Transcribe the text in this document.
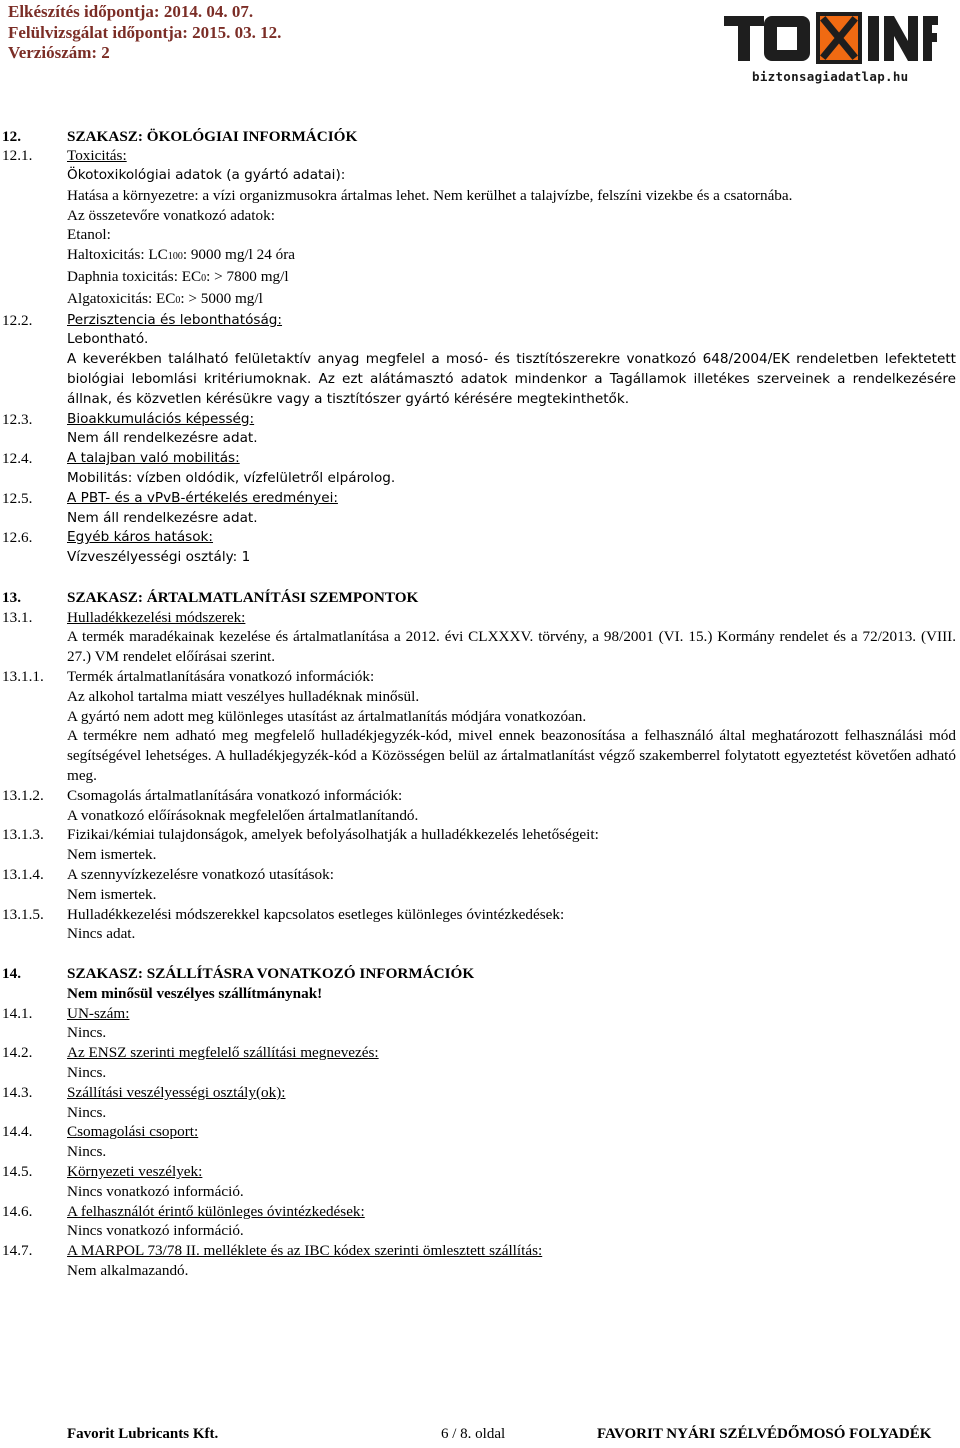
Elkészítés időpontja: 2014. 04. 07.
Felülvizsgálat időpontja: 2015. 03. 12.
Verziószám: 2
biztonsagiadatlap.hu
12.	SZAKASZ: ÖKOLÓGIAI INFORMÁCIÓK
12.1.	Toxicitás:
Ökotoxikológiai adatok (a gyártó adatai):
Hatása a környezetre: a vízi organizmusokra ártalmas lehet. Nem kerülhet a talajvízbe, felszíni vizekbe és a csatornába.
Az összetevőre vonatkozó adatok:
Etanol:
Haltoxicitás: LC100: 9000 mg/l 24 óra
Daphnia toxicitás: EC0: > 7800 mg/l
Algatoxicitás: EC0: > 5000 mg/l
12.2.	Perzisztencia és lebonthatóság:
Lebontható.
A keverékben található felületaktív anyag megfelel a mosó- és tisztítószerekre vonatkozó 648/2004/EK rendeletben lefektetett biológiai lebomlási kritériumoknak. Az ezt alátámasztó adatok mindenkor a Tagállamok illetékes szerveinek a rendelkezésére állnak, és közvetlen kérésükre vagy a tisztítószer gyártó kérésére megtekinthetők.
12.3.	Bioakkumulációs képesség:
Nem áll rendelkezésre adat.
12.4.	A talajban való mobilitás:
Mobilitás: vízben oldódik, vízfelületről elpárolog.
12.5.	A PBT- és a vPvB-értékelés eredményei:
Nem áll rendelkezésre adat.
12.6.	Egyéb káros hatások:
Vízveszélyességi osztály: 1
13.	SZAKASZ: ÁRTALMATLANÍTÁSI SZEMPONTOK
13.1.	Hulladékkezelési módszerek:
A termék maradékainak kezelése és ártalmatlanítása a 2012. évi CLXXXV. törvény, a 98/2001 (VI. 15.) Kormány rendelet és a 72/2013. (VIII. 27.) VM rendelet előírásai szerint.
13.1.1.	Termék ártalmatlanítására vonatkozó információk:
Az alkohol tartalma miatt veszélyes hulladéknak minősül.
A gyártó nem adott meg különleges utasítást az ártalmatlanítás módjára vonatkozóan.
A termékre nem adható meg megfelelő hulladékjegyzék-kód, mivel ennek beazonosítása a felhasználó által meghatározott felhasználási mód segítségével lehetséges. A hulladékjegyzék-kód a Közösségen belül az ártalmatlanítást végző szakemberrel folytatott egyeztetést követően adható meg.
13.1.2.	Csomagolás ártalmatlanítására vonatkozó információk:
A vonatkozó előírásoknak megfelelően ártalmatlanítandó.
13.1.3.	Fizikai/kémiai tulajdonságok, amelyek befolyásolhatják a hulladékkezelés lehetőségeit:
Nem ismertek.
13.1.4.	A szennyvízkezelésre vonatkozó utasítások:
Nem ismertek.
13.1.5.	Hulladékkezelési módszerekkel kapcsolatos esetleges különleges óvintézkedések:
Nincs adat.
14.	SZAKASZ: SZÁLLÍTÁSRA VONATKOZÓ INFORMÁCIÓK
Nem minősül veszélyes szállítmánynak!
14.1.	UN-szám:
Nincs.
14.2.	Az ENSZ szerinti megfelelő szállítási megnevezés:
Nincs.
14.3.	Szállítási veszélyességi osztály(ok):
Nincs.
14.4.	Csomagolási csoport:
Nincs.
14.5.	Környezeti veszélyek:
Nincs vonatkozó információ.
14.6.	A felhasználót érintő különleges óvintézkedések:
Nincs vonatkozó információ.
14.7.	A MARPOL 73/78 II. melléklete és az IBC kódex szerinti ömlesztett szállítás:
Nem alkalmazandó.
Favorit Lubricants Kft.	6 / 8. oldal	FAVORIT NYÁRI SZÉLVÉDŐMOSÓ FOLYADÉK
